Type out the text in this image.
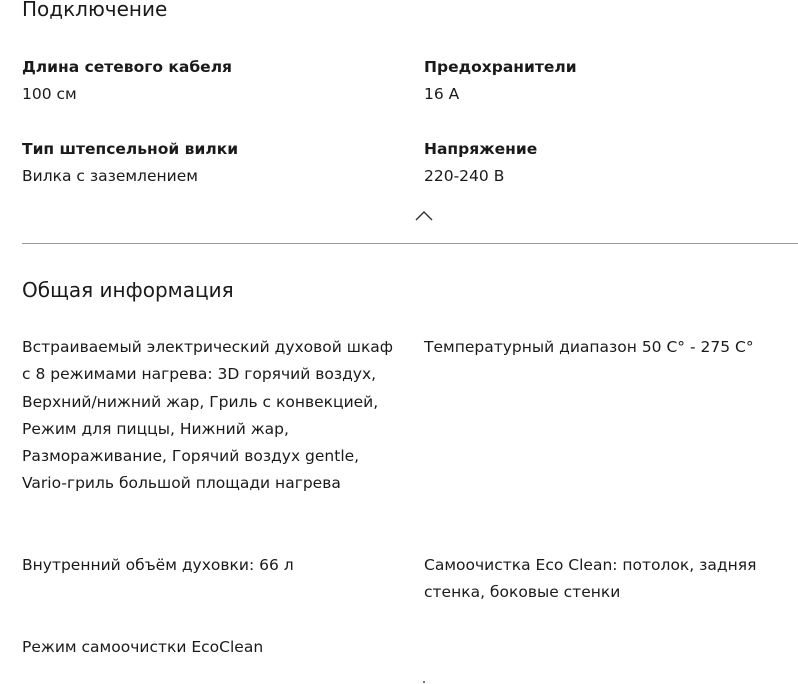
Подключение
Длина сетевого кабеля
100 см
Предохранители
16 А
Тип штепсельной вилки
Вилка с заземлением
Напряжение
220-240 В
Общая информация

Встраиваемый электрический духовой шкаф с 8 режимами нагрева: 3D горячий воздух, Верхний/нижний жар, Гриль с конвекцией, Режим для пиццы, Нижний жар, Размораживание, Горячий воздух gentle, Vario-гриль большой площади нагрева

Температурный диапазон 50 C° - 275 C°

Внутренний объём духовки: 66 л	Самоочистка Eco Clean: потолок, задняя стенка, боковые стенки

Режим самоочистки EcoClean
